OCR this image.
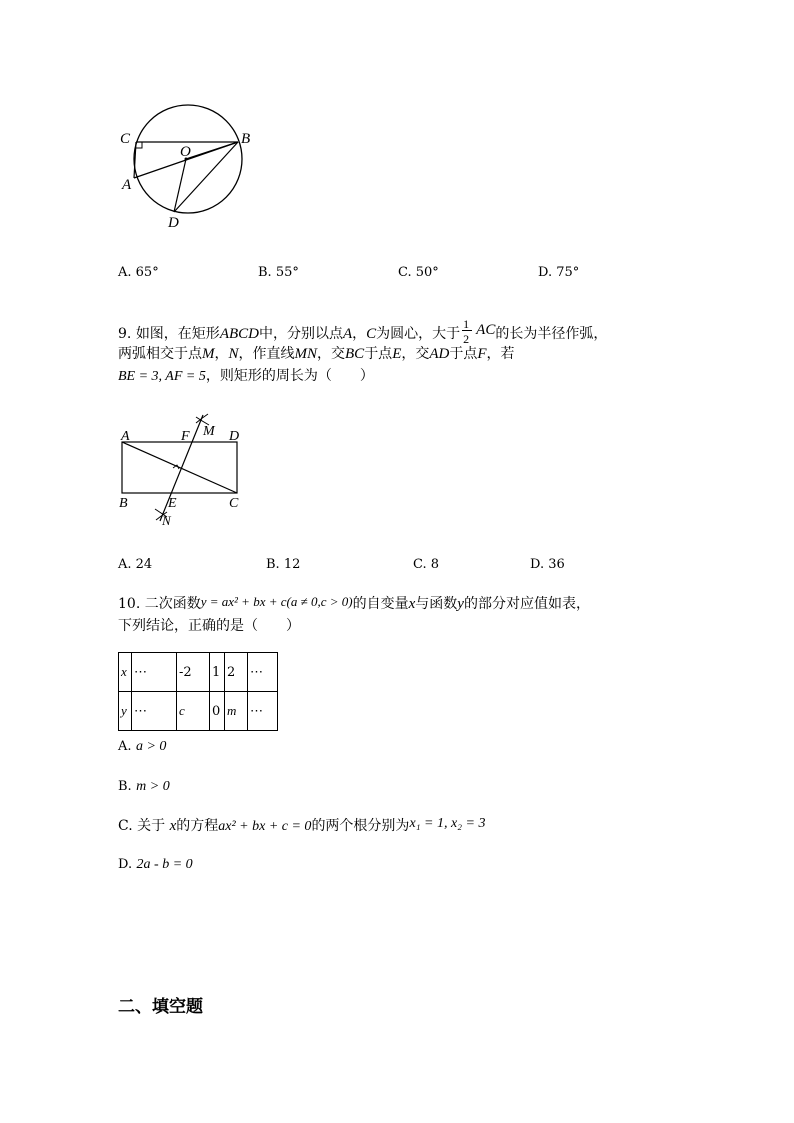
C	B
O
A
D
A. 65°	B. 55°	C. 50°	D. 75°
9. 如图，在矩形ABCD中，分别以点A，C为圆心，大于 $\frac{1}{2}$ AC的长为半径作弧，
两弧相交于点M，N，作直线MN，交BC于点E，交AD于点F，若
BE = 3, AF = 5，则矩形的周长为（　　）
A	F M D
B	E	C
N
A. 24	B. 12	C. 8	D. 36
10. 二次函数y = ax² + bx + c(a ≠ 0,c > 0)的自变量x与函数y的部分对应值如表，
下列结论，正确的是（　　）
x	⋯	-2	1	2	⋯
y	⋯	c	0	m	⋯
A. a > 0
B. m > 0
C. 关于 x的方程ax² + bx + c = 0的两个根分别为x₁ = 1, x₂ = 3
D. 2a - b = 0
二、填空题
